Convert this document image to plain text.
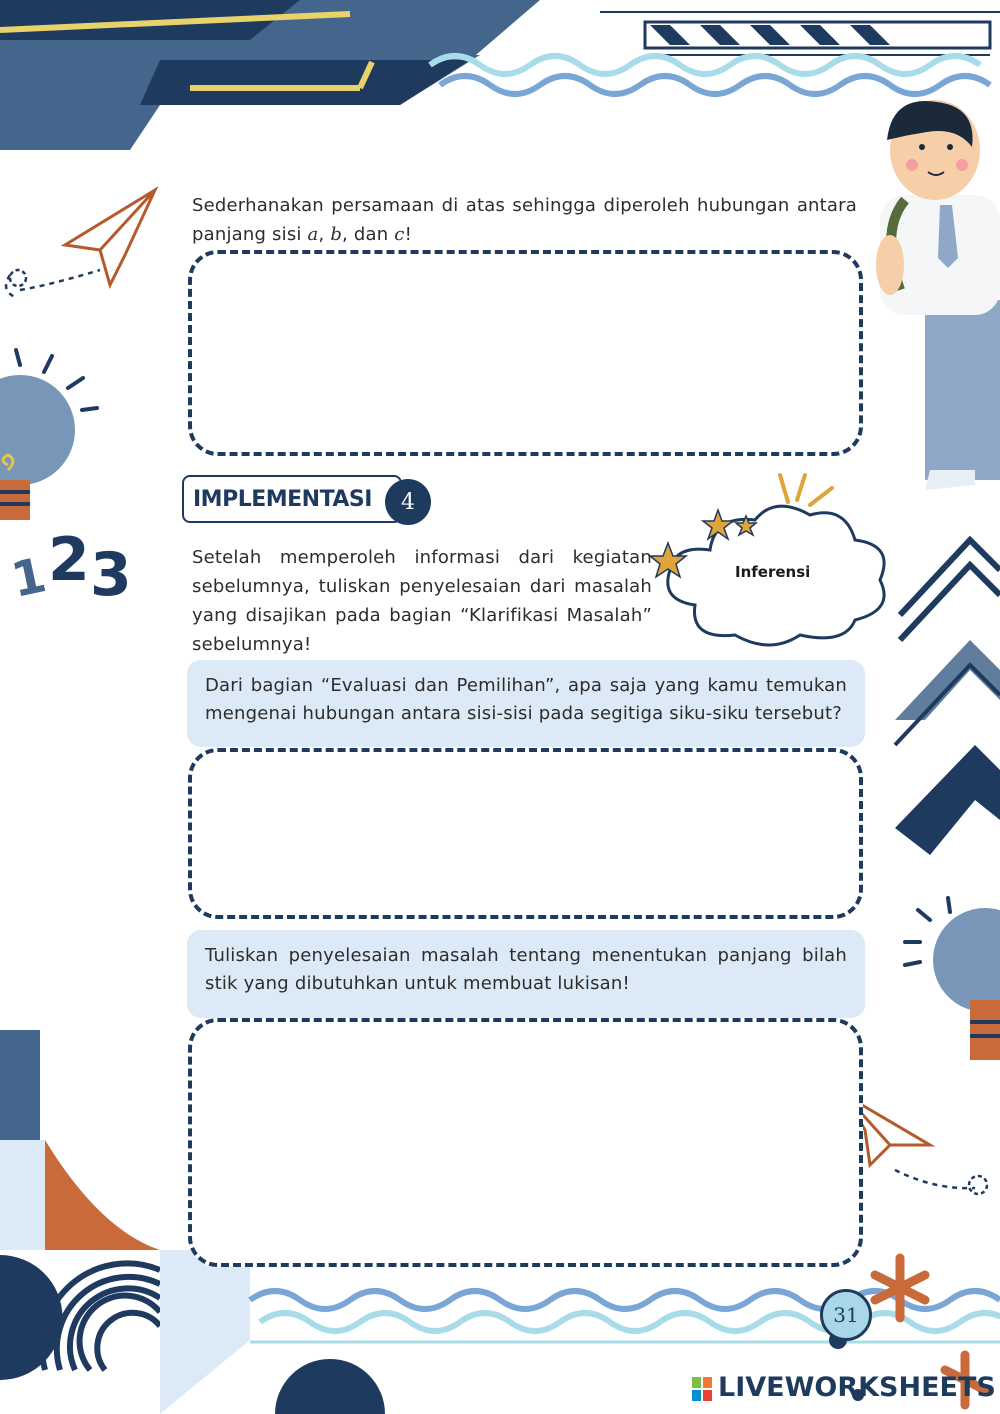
1
2 3
Sederhanakan persamaan di atas sehingga diperoleh hubungan antara
panjang sisi a, b, dan c!
IMPLEMENTASI	4
Inferensi
Setelah memperoleh informasi dari kegiatan sebelumnya, tuliskan penyelesaian dari masalah yang disajikan pada bagian “Klarifikasi Masalah” sebelumnya!
Dari bagian “Evaluasi dan Pemilihan”, apa saja yang kamu temukan mengenai hubungan antara sisi-sisi pada segitiga siku-siku tersebut?
Tuliskan penyelesaian masalah tentang menentukan panjang bilah stik yang dibutuhkan untuk membuat lukisan!
31
LIVEWORKSHEETS
